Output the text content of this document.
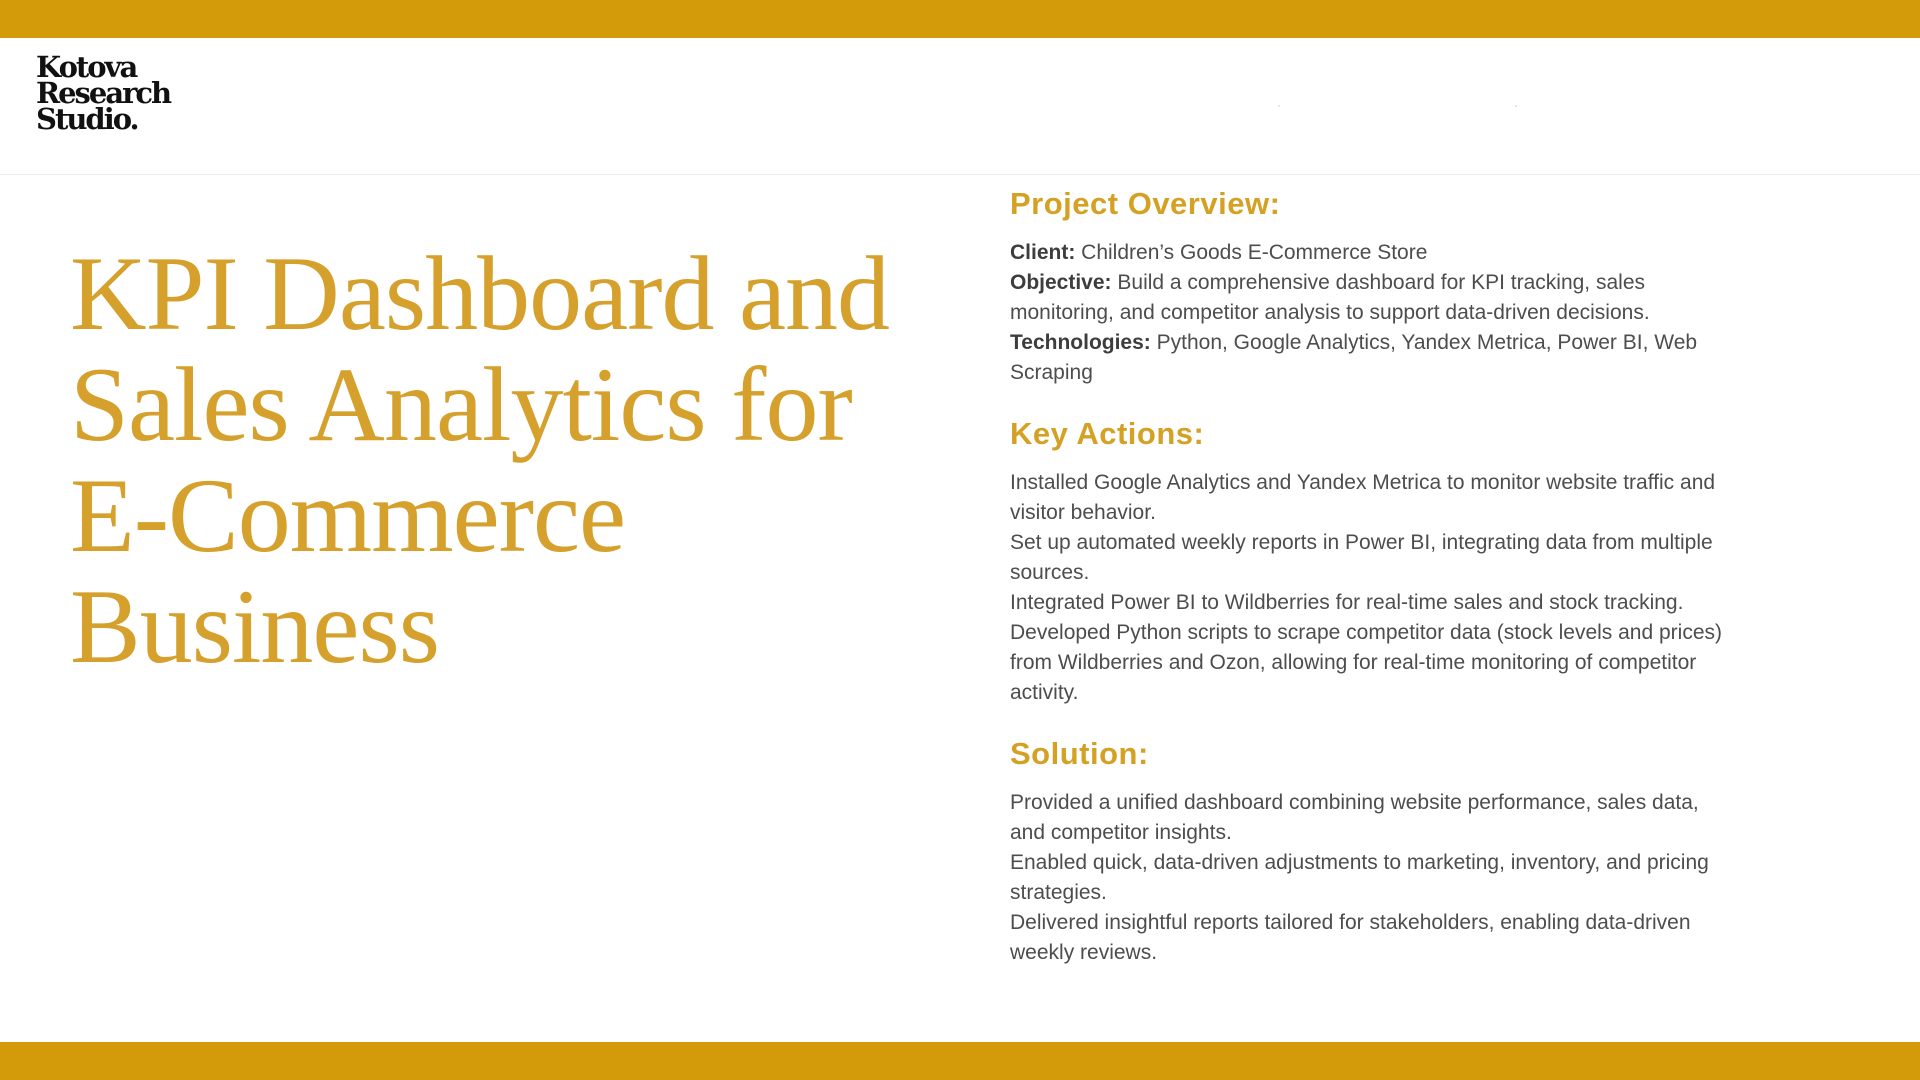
Kotova
Research
Studio.
KPI Dashboard and Sales Analytics for E-Commerce Business
Project Overview:

Client: Children’s Goods E-Commerce Store

Objective: Build a comprehensive dashboard for KPI tracking, sales monitoring, and competitor analysis to support data-driven decisions.

Technologies: Python, Google Analytics, Yandex Metrica, Power BI, Web Scraping

Key Actions:

Installed Google Analytics and Yandex Metrica to monitor website traffic and visitor behavior.

Set up automated weekly reports in Power BI, integrating data from multiple sources.

Integrated Power BI to Wildberries for real-time sales and stock tracking.

Developed Python scripts to scrape competitor data (stock levels and prices) from Wildberries and Ozon, allowing for real-time monitoring of competitor activity.

Solution:

Provided a unified dashboard combining website performance, sales data, and competitor insights.

Enabled quick, data-driven adjustments to marketing, inventory, and pricing strategies.

Delivered insightful reports tailored for stakeholders, enabling data-driven weekly reviews.
